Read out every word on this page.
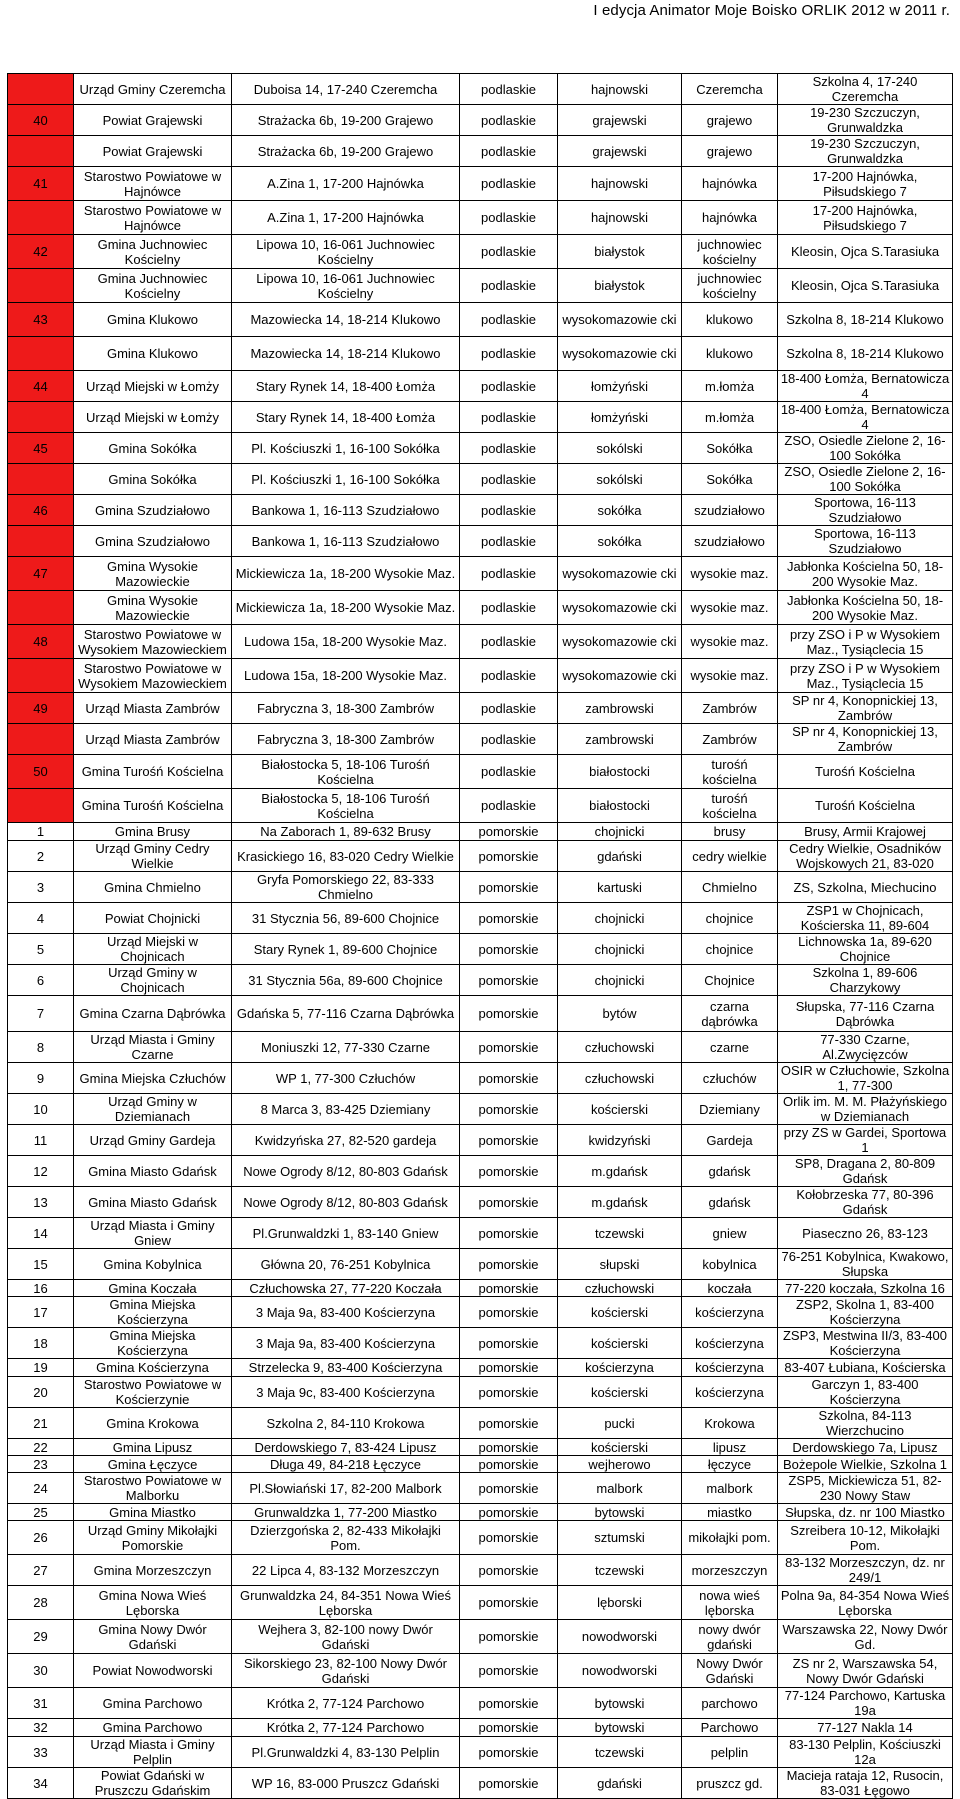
I edycja Animator Moje Boisko ORLIK 2012 w 2011 r.
	Urząd Gminy Czeremcha	Duboisa 14, 17-240 Czeremcha	podlaskie	hajnowski	Czeremcha	Szkolna 4, 17-240 Czeremcha
40	Powiat Grajewski	Strażacka 6b, 19-200 Grajewo	podlaskie	grajewski	grajewo	19-230 Szczuczyn, Grunwaldzka
	Powiat Grajewski	Strażacka 6b, 19-200 Grajewo	podlaskie	grajewski	grajewo	19-230 Szczuczyn, Grunwaldzka
41	Starostwo Powiatowe w Hajnówce	A.Zina 1, 17-200 Hajnówka	podlaskie	hajnowski	hajnówka	17-200 Hajnówka, Piłsudskiego 7
	Starostwo Powiatowe w Hajnówce	A.Zina 1, 17-200 Hajnówka	podlaskie	hajnowski	hajnówka	17-200 Hajnówka, Piłsudskiego 7
42	Gmina Juchnowiec Kościelny	Lipowa 10, 16-061 Juchnowiec Kościelny	podlaskie	białystok	juchnowiec kościelny	Kleosin, Ojca S.Tarasiuka
	Gmina Juchnowiec Kościelny	Lipowa 10, 16-061 Juchnowiec Kościelny	podlaskie	białystok	juchnowiec kościelny	Kleosin, Ojca S.Tarasiuka
43	Gmina Klukowo	Mazowiecka 14, 18-214 Klukowo	podlaskie	wysokomazowie cki	klukowo	Szkolna 8, 18-214 Klukowo
	Gmina Klukowo	Mazowiecka 14, 18-214 Klukowo	podlaskie	wysokomazowie cki	klukowo	Szkolna 8, 18-214 Klukowo
44	Urząd Miejski w Łomży	Stary Rynek 14, 18-400 Łomża	podlaskie	łomżyński	m.łomża	18-400 Łomża, Bernatowicza 4
	Urząd Miejski w Łomży	Stary Rynek 14, 18-400 Łomża	podlaskie	łomżyński	m.łomża	18-400 Łomża, Bernatowicza 4
45	Gmina Sokółka	Pl. Kościuszki 1, 16-100 Sokółka	podlaskie	sokólski	Sokółka	ZSO, Osiedle Zielone 2, 16-100 Sokółka
	Gmina Sokółka	Pl. Kościuszki 1, 16-100 Sokółka	podlaskie	sokólski	Sokółka	ZSO, Osiedle Zielone 2, 16-100 Sokółka
46	Gmina Szudziałowo	Bankowa 1, 16-113 Szudziałowo	podlaskie	sokółka	szudziałowo	Sportowa, 16-113 Szudziałowo
	Gmina Szudziałowo	Bankowa 1, 16-113 Szudziałowo	podlaskie	sokółka	szudziałowo	Sportowa, 16-113 Szudziałowo
47	Gmina Wysokie Mazowieckie	Mickiewicza 1a, 18-200 Wysokie Maz.	podlaskie	wysokomazowie cki	wysokie maz.	Jabłonka Kościelna 50, 18-200 Wysokie Maz.
	Gmina Wysokie Mazowieckie	Mickiewicza 1a, 18-200 Wysokie Maz.	podlaskie	wysokomazowie cki	wysokie maz.	Jabłonka Kościelna 50, 18-200 Wysokie Maz.
48	Starostwo Powiatowe w Wysokiem Mazowieckiem	Ludowa 15a, 18-200 Wysokie Maz.	podlaskie	wysokomazowie cki	wysokie maz.	przy ZSO i P w Wysokiem Maz., Tysiąclecia 15
	Starostwo Powiatowe w Wysokiem Mazowieckiem	Ludowa 15a, 18-200 Wysokie Maz.	podlaskie	wysokomazowie cki	wysokie maz.	przy ZSO i P w Wysokiem Maz., Tysiąclecia 15
49	Urząd Miasta Zambrów	Fabryczna 3, 18-300 Zambrów	podlaskie	zambrowski	Zambrów	SP nr 4, Konopnickiej 13, Zambrów
	Urząd Miasta Zambrów	Fabryczna 3, 18-300 Zambrów	podlaskie	zambrowski	Zambrów	SP nr 4, Konopnickiej 13, Zambrów
50	Gmina Turośń Kościelna	Białostocka 5, 18-106 Turośń Kościelna	podlaskie	białostocki	turośń kościelna	Turośń Kościelna
	Gmina Turośń Kościelna	Białostocka 5, 18-106 Turośń Kościelna	podlaskie	białostocki	turośń kościelna	Turośń Kościelna
1	Gmina Brusy	Na Zaborach 1, 89-632 Brusy	pomorskie	chojnicki	brusy	Brusy, Armii Krajowej
2	Urząd Gminy Cedry Wielkie	Krasickiego 16, 83-020 Cedry Wielkie	pomorskie	gdański	cedry wielkie	Cedry Wielkie, Osadników Wojskowych 21, 83-020
3	Gmina Chmielno	Gryfa Pomorskiego 22, 83-333 Chmielno	pomorskie	kartuski	Chmielno	ZS, Szkolna, Miechucino
4	Powiat Chojnicki	31 Stycznia 56, 89-600 Chojnice	pomorskie	chojnicki	chojnice	ZSP1 w Chojnicach, Kościerska 11, 89-604
5	Urząd Miejski w Chojnicach	Stary Rynek 1, 89-600 Chojnice	pomorskie	chojnicki	chojnice	Lichnowska 1a, 89-620 Chojnice
6	Urząd Gminy w Chojnicach	31 Stycznia 56a, 89-600 Chojnice	pomorskie	chojnicki	Chojnice	Szkolna 1, 89-606 Charzykowy
7	Gmina Czarna Dąbrówka	Gdańska 5, 77-116 Czarna Dąbrówka	pomorskie	bytów	czarna dąbrówka	Słupska, 77-116 Czarna Dąbrówka
8	Urząd Miasta i Gminy Czarne	Moniuszki 12, 77-330 Czarne	pomorskie	człuchowski	czarne	77-330 Czarne, Al.Zwycięzców
9	Gmina Miejska Człuchów	WP 1, 77-300 Człuchów	pomorskie	człuchowski	człuchów	OSIR w Człuchowie, Szkolna 1, 77-300
10	Urząd Gminy w Dziemianach	8 Marca 3, 83-425 Dziemiany	pomorskie	kościerski	Dziemiany	Orlik im. M. M. Płażyńskiego w Dziemianach
11	Urząd Gminy Gardeja	Kwidzyńska 27, 82-520 gardeja	pomorskie	kwidzyński	Gardeja	przy ZS w Gardei, Sportowa 1
12	Gmina Miasto Gdańsk	Nowe Ogrody 8/12, 80-803 Gdańsk	pomorskie	m.gdańsk	gdańsk	SP8, Dragana 2, 80-809 Gdańsk
13	Gmina Miasto Gdańsk	Nowe Ogrody 8/12, 80-803 Gdańsk	pomorskie	m.gdańsk	gdańsk	Kołobrzeska 77, 80-396 Gdańsk
14	Urząd Miasta i Gminy Gniew	Pl.Grunwaldzki 1, 83-140 Gniew	pomorskie	tczewski	gniew	Piaseczno 26, 83-123
15	Gmina Kobylnica	Główna 20, 76-251 Kobylnica	pomorskie	słupski	kobylnica	76-251 Kobylnica, Kwakowo, Słupska
16	Gmina Koczała	Człuchowska 27, 77-220 Koczała	pomorskie	człuchowski	koczała	77-220 koczała, Szkolna 16
17	Gmina Miejska Kościerzyna	3 Maja 9a, 83-400 Kościerzyna	pomorskie	kościerski	kościerzyna	ZSP2, Skolna 1, 83-400 Kościerzyna
18	Gmina Miejska Kościerzyna	3 Maja 9a, 83-400 Kościerzyna	pomorskie	kościerski	kościerzyna	ZSP3, Mestwina II/3, 83-400 Kościerzyna
19	Gmina Kościerzyna	Strzelecka 9, 83-400 Kościerzyna	pomorskie	kościerzyna	kościerzyna	83-407 Łubiana, Kościerska
20	Starostwo Powiatowe w Kościerzynie	3 Maja 9c, 83-400 Kościerzyna	pomorskie	kościerski	kościerzyna	Garczyn 1, 83-400 Kościerzyna
21	Gmina Krokowa	Szkolna 2, 84-110 Krokowa	pomorskie	pucki	Krokowa	Szkolna, 84-113 Wierzchucino
22	Gmina Lipusz	Derdowskiego 7, 83-424 Lipusz	pomorskie	kościerski	lipusz	Derdowskiego 7a, Lipusz
23	Gmina Łęczyce	Długa 49, 84-218 Łęczyce	pomorskie	wejherowo	łęczyce	Bożepole Wielkie, Szkolna 1
24	Starostwo Powiatowe w Malborku	Pl.Słowiański 17, 82-200 Malbork	pomorskie	malbork	malbork	ZSP5, Mickiewicza 51, 82-230 Nowy Staw
25	Gmina Miastko	Grunwaldzka 1, 77-200 Miastko	pomorskie	bytowski	miastko	Słupska, dz. nr 100 Miastko
26	Urząd Gminy Mikołajki Pomorskie	Dzierzgońska 2, 82-433 Mikołajki Pom.	pomorskie	sztumski	mikołajki pom.	Szreibera 10-12, Mikołajki Pom.
27	Gmina Morzeszczyn	22 Lipca 4, 83-132 Morzeszczyn	pomorskie	tczewski	morzeszczyn	83-132 Morzeszczyn, dz. nr 249/1
28	Gmina Nowa Wieś Lęborska	Grunwaldzka 24, 84-351 Nowa Wieś Lęborska	pomorskie	lęborski	nowa wieś lęborska	Polna 9a, 84-354 Nowa Wieś Lęborska
29	Gmina Nowy Dwór Gdański	Wejhera 3, 82-100 nowy Dwór Gdański	pomorskie	nowodworski	nowy dwór gdański	Warszawska 22, Nowy Dwór Gd.
30	Powiat Nowodworski	Sikorskiego 23, 82-100 Nowy Dwór Gdański	pomorskie	nowodworski	Nowy Dwór Gdański	ZS nr 2, Warszawska 54, Nowy Dwór Gdański
31	Gmina Parchowo	Krótka 2, 77-124 Parchowo	pomorskie	bytowski	parchowo	77-124 Parchowo, Kartuska 19a
32	Gmina Parchowo	Krótka 2, 77-124 Parchowo	pomorskie	bytowski	Parchowo	77-127 Nakla 14
33	Urząd Miasta i Gminy Pelplin	Pl.Grunwaldzki 4, 83-130 Pelplin	pomorskie	tczewski	pelplin	83-130 Pelplin, Kościuszki 12a
34	Powiat Gdański w Pruszczu Gdańskim	WP 16, 83-000 Pruszcz Gdański	pomorskie	gdański	pruszcz gd.	Macieja rataja 12, Rusocin, 83-031 Łęgowo
